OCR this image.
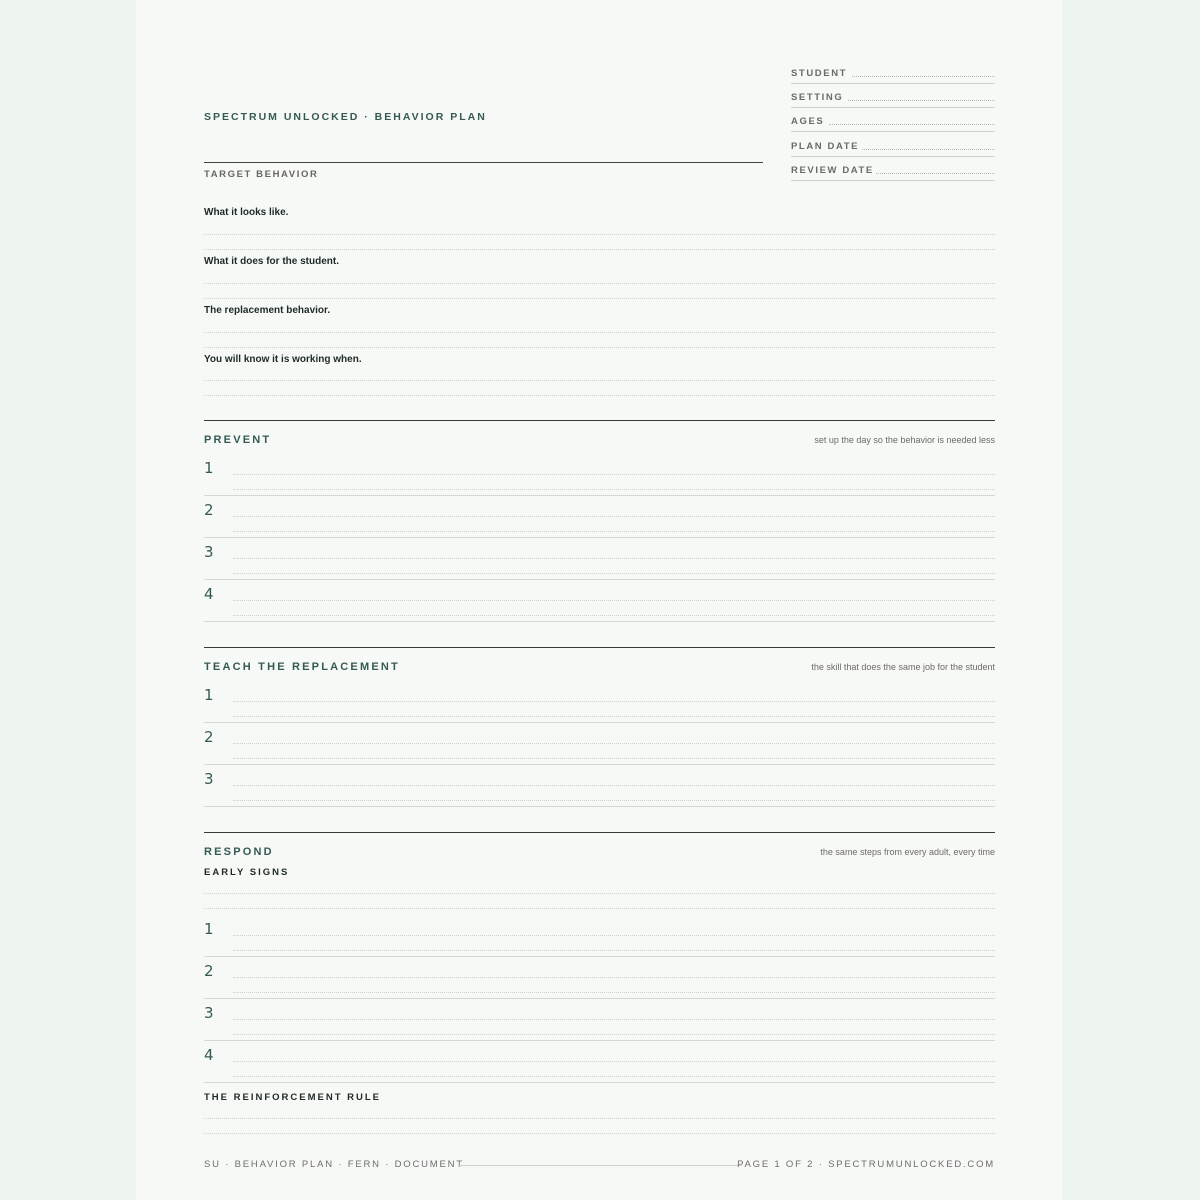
SPECTRUM UNLOCKED · BEHAVIOR PLAN
TARGET BEHAVIOR
STUDENT
SETTING
AGES
PLAN DATE
REVIEW DATE
What it looks like.
What it does for the student.
The replacement behavior.
You will know it is working when.
PREVENT	set up the day so the behavior is needed less
1
2
3
4
TEACH THE REPLACEMENT	the skill that does the same job for the student
1
2
3
RESPOND	the same steps from every adult, every time
EARLY SIGNS
1
2
3
4
THE REINFORCEMENT RULE
SU · BEHAVIOR PLAN · FERN · DOCUMENT	PAGE 1 OF 2 · SPECTRUMUNLOCKED.COM
